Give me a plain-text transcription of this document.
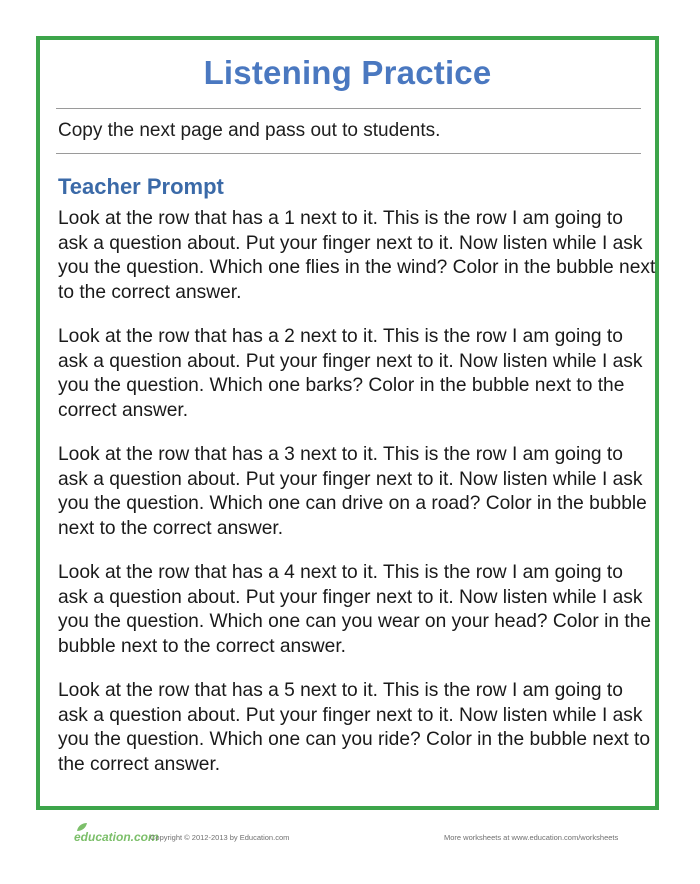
Listening Practice
Copy the next page and pass out to students.
Teacher Prompt

Look at the row that has a 1 next to it. This is the row I am going to ask a question about. Put your finger next to it. Now listen while I ask you the question. Which one flies in the wind? Color in the bubble next to the correct answer.

Look at the row that has a 2 next to it. This is the row I am going to ask a question about. Put your finger next to it. Now listen while I ask you the question. Which one barks? Color in the bubble next to the correct answer.

Look at the row that has a 3 next to it. This is the row I am going to ask a question about. Put your finger next to it. Now listen while I ask you the question. Which one can drive on a road? Color in the bubble next to the correct answer.

Look at the row that has a 4 next to it. This is the row I am going to ask a question about. Put your finger next to it. Now listen while I ask you the question. Which one can you wear on your head? Color in the bubble next to the correct answer.

Look at the row that has a 5 next to it. This is the row I am going to ask a question about. Put your finger next to it. Now listen while I ask you the question. Which one can you ride? Color in the bubble next to the correct answer.

education.com
Copyright © 2012-2013 by Education.com	More worksheets at www.education.com/worksheets
